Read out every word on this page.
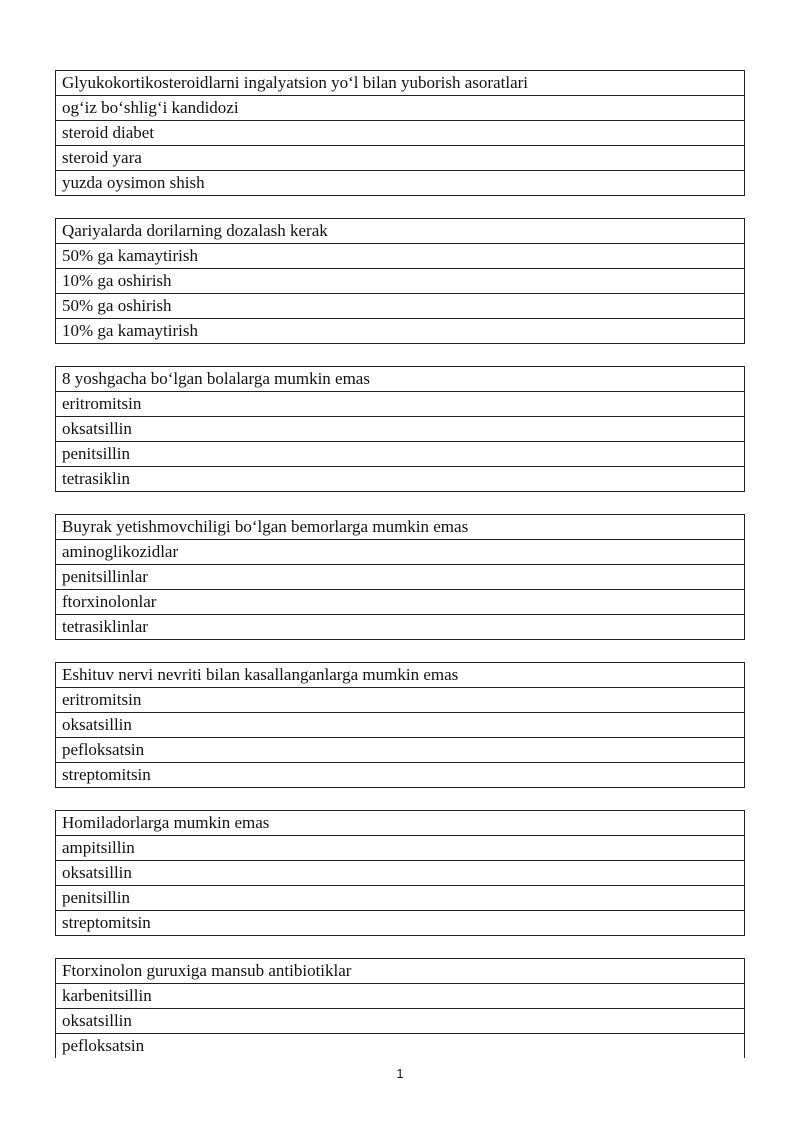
Glyukokortikosteroidlarni ingalyatsion yo‘l bilan yuborish asoratlari
og‘iz bo‘shlig‘i kandidozi
steroid diabet
steroid yara
yuzda oysimon shish
Qariyalarda dorilarning dozalash kerak
50% ga kamaytirish
10% ga oshirish
50% ga oshirish
10% ga kamaytirish
8 yoshgacha bo‘lgan bolalarga mumkin emas
eritromitsin
oksatsillin
penitsillin
tetrasiklin
Buyrak yetishmovchiligi bo‘lgan bemorlarga mumkin emas
aminoglikozidlar
penitsillinlar
ftorxinolonlar
tetrasiklinlar
Eshituv nervi nevriti bilan kasallanganlarga mumkin emas
eritromitsin
oksatsillin
pefloksatsin
streptomitsin
Homiladorlarga mumkin emas
ampitsillin
oksatsillin
penitsillin
streptomitsin
Ftorxinolon guruxiga mansub antibiotiklar
karbenitsillin
oksatsillin
pefloksatsin
1
